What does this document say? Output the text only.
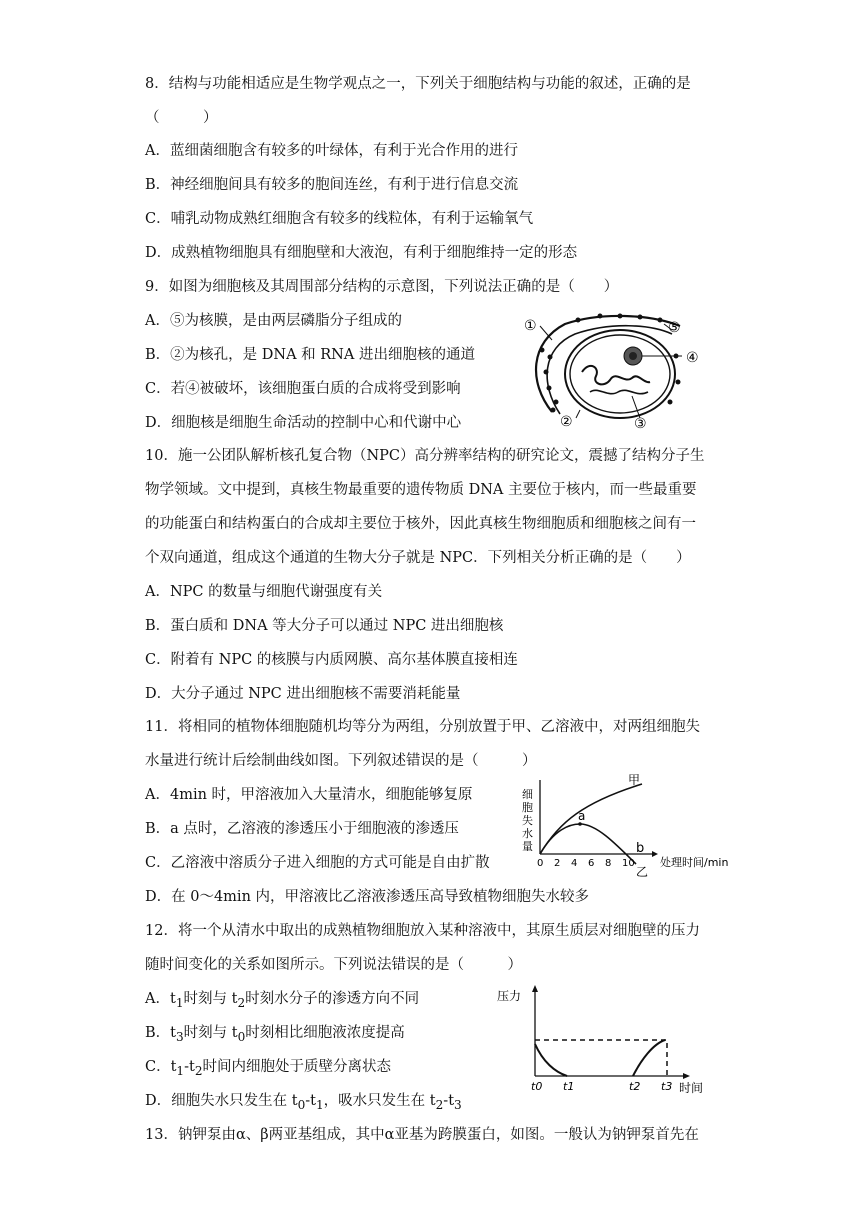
8．结构与功能相适应是生物学观点之一，下列关于细胞结构与功能的叙述，正确的是
（　　　）
A．蓝细菌细胞含有较多的叶绿体，有利于光合作用的进行
B．神经细胞间具有较多的胞间连丝，有利于进行信息交流
C．哺乳动物成熟红细胞含有较多的线粒体，有利于运输氧气
D．成熟植物细胞具有细胞壁和大液泡，有利于细胞维持一定的形态
9．如图为细胞核及其周围部分结构的示意图，下列说法正确的是（　　）
A．⑤为核膜，是由两层磷脂分子组成的
B．②为核孔，是 DNA 和 RNA 进出细胞核的通道
C．若④被破坏，该细胞蛋白质的合成将受到影响
D．细胞核是细胞生命活动的控制中心和代谢中心
①
②	③
④
⑤
10．施一公团队解析核孔复合物（NPC）高分辨率结构的研究论文，震撼了结构分子生
物学领域。文中提到，真核生物最重要的遗传物质 DNA 主要位于核内，而一些最重要
的功能蛋白和结构蛋白的合成却主要位于核外，因此真核生物细胞质和细胞核之间有一
个双向通道，组成这个通道的生物大分子就是 NPC．下列相关分析正确的是（　　）
A．NPC 的数量与细胞代谢强度有关
B．蛋白质和 DNA 等大分子可以通过 NPC 进出细胞核
C．附着有 NPC 的核膜与内质网膜、高尔基体膜直接相连
D．大分子通过 NPC 进出细胞核不需要消耗能量
11．将相同的植物体细胞随机均等分为两组，分别放置于甲、乙溶液中，对两组细胞失
水量进行统计后绘制曲线如图。下列叙述错误的是（　　　）
A．4min 时，甲溶液加入大量清水，细胞能够复原
B．a 点时，乙溶液的渗透压小于细胞液的渗透压
C．乙溶液中溶质分子进入细胞的方式可能是自由扩散
D．在 0～4min 内，甲溶液比乙溶液渗透压高导致植物细胞失水较多
细
胞
失
水
量
甲
乙
a
b
0 2 4 6 8 10 处理时间/min
12．将一个从清水中取出的成熟植物细胞放入某种溶液中，其原生质层对细胞壁的压力
随时间变化的关系如图所示。下列说法错误的是（　　　）
A．$t_1$时刻与 $t_2$时刻水分子的渗透方向不同
B．$t_3$时刻与 $t_0$时刻相比细胞液浓度提高
C．$t_1-t_2$时间内细胞处于质壁分离状态
D．细胞失水只发生在 $t_0-t_1$，吸水只发生在 $t_2-t_3$
压力
t0 t1	t2 t3 时间
13．钠钾泵由α、β两亚基组成，其中α亚基为跨膜蛋白，如图。一般认为钠钾泵首先在
